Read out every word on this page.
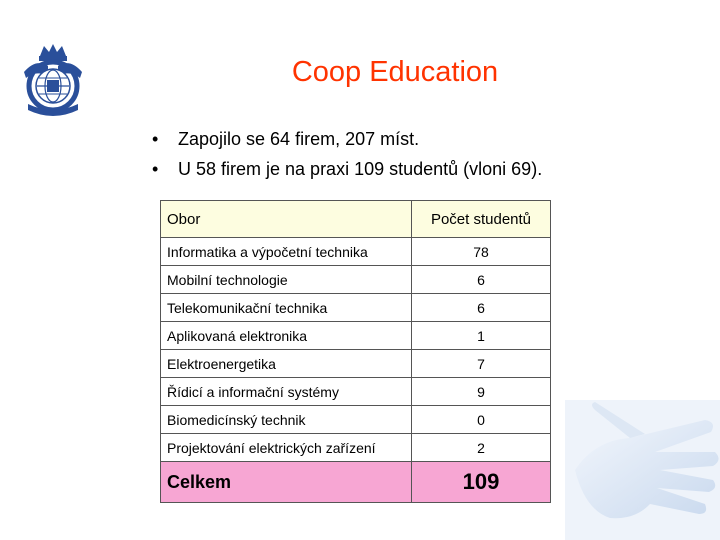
Coop Education
•	Zapojilo se 64 firem, 207 míst.
•	U 58 firem je na praxi 109 studentů (vloni 69).
Obor	Počet studentů
Informatika a výpočetní technika	78
Mobilní technologie	6
Telekomunikační technika	6
Aplikovaná elektronika	1
Elektroenergetika	7
Řídicí a informační systémy	9
Biomedicínský technik	0
Projektování elektrických zařízení	2
Celkem	109
